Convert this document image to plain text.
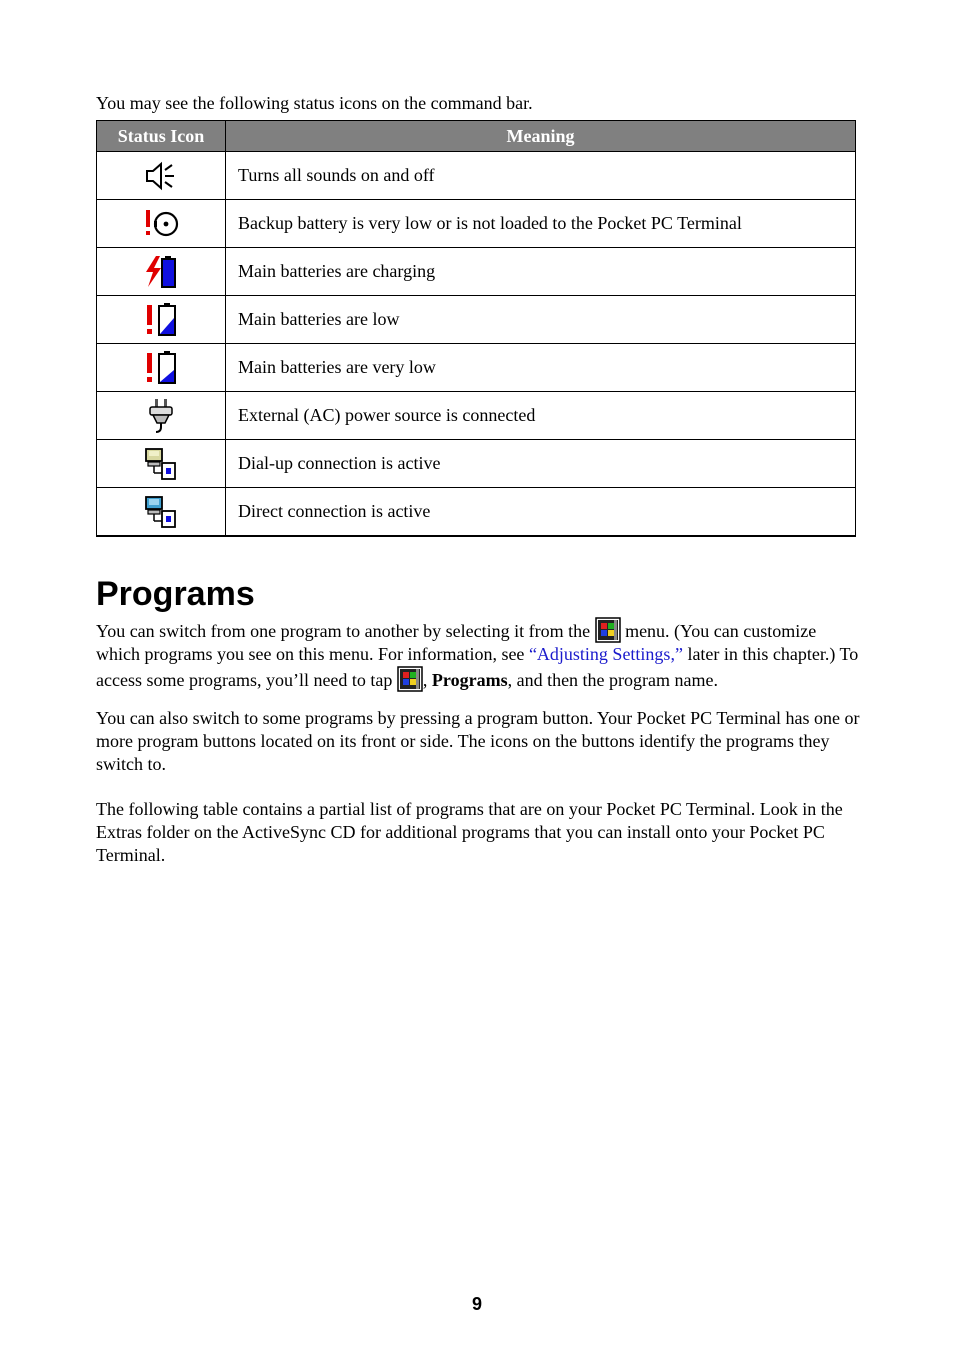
You may see the following status icons on the command bar.
Status Icon	Meaning

	Turns all sounds on and off

	Backup battery is very low or is not loaded to the Pocket PC Terminal

	Main batteries are charging

	Main batteries are low

	Main batteries are very low

	External (AC) power source is connected

	Dial-up connection is active

	Direct connection is active
Programs

You can switch from one program to another by selecting it from the
menu. (You can customize which programs you see on this menu. For information, see “Adjusting Settings,” later in this chapter.) To access some programs, you’ll need to tap
, Programs, and then the program name.

You can also switch to some programs by pressing a program button. Your Pocket PC Terminal has one or more program buttons located on its front or side. The icons on the buttons identify the programs they switch to.

The following table contains a partial list of programs that are on your Pocket PC Terminal. Look in the Extras folder on the ActiveSync CD for additional programs that you can install onto your Pocket PC Terminal.

9
